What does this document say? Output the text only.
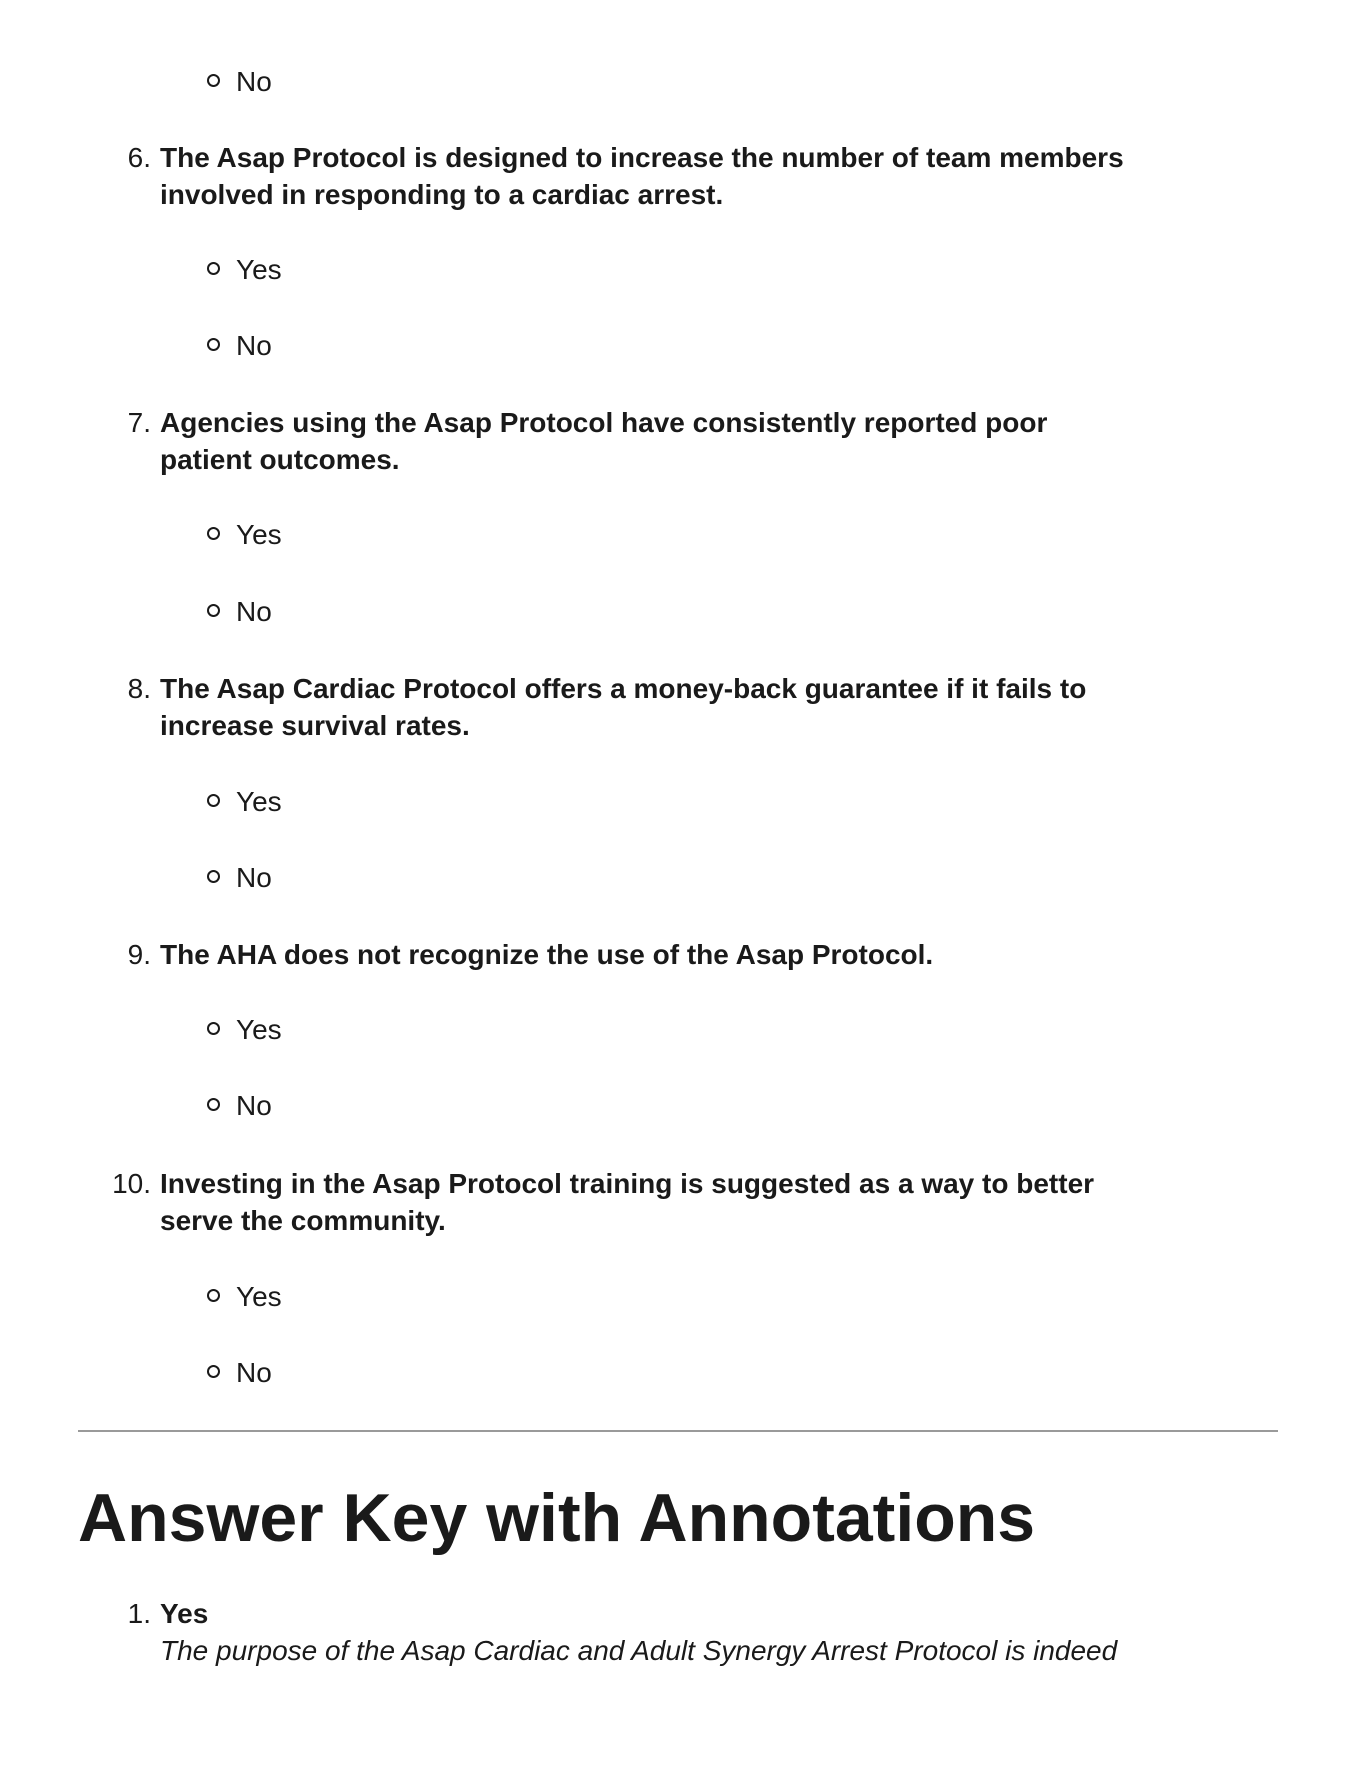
No
6. The Asap Protocol is designed to increase the number of team members
involved in responding to a cardiac arrest.
Yes
No
7. Agencies using the Asap Protocol have consistently reported poor
patient outcomes.
Yes
No
8. The Asap Cardiac Protocol offers a money-back guarantee if it fails to
increase survival rates.
Yes
No
9. The AHA does not recognize the use of the Asap Protocol.
Yes
No
10. Investing in the Asap Protocol training is suggested as a way to better
serve the community.
Yes
No
Answer Key with Annotations
1. Yes
The purpose of the Asap Cardiac and Adult Synergy Arrest Protocol is indeed
